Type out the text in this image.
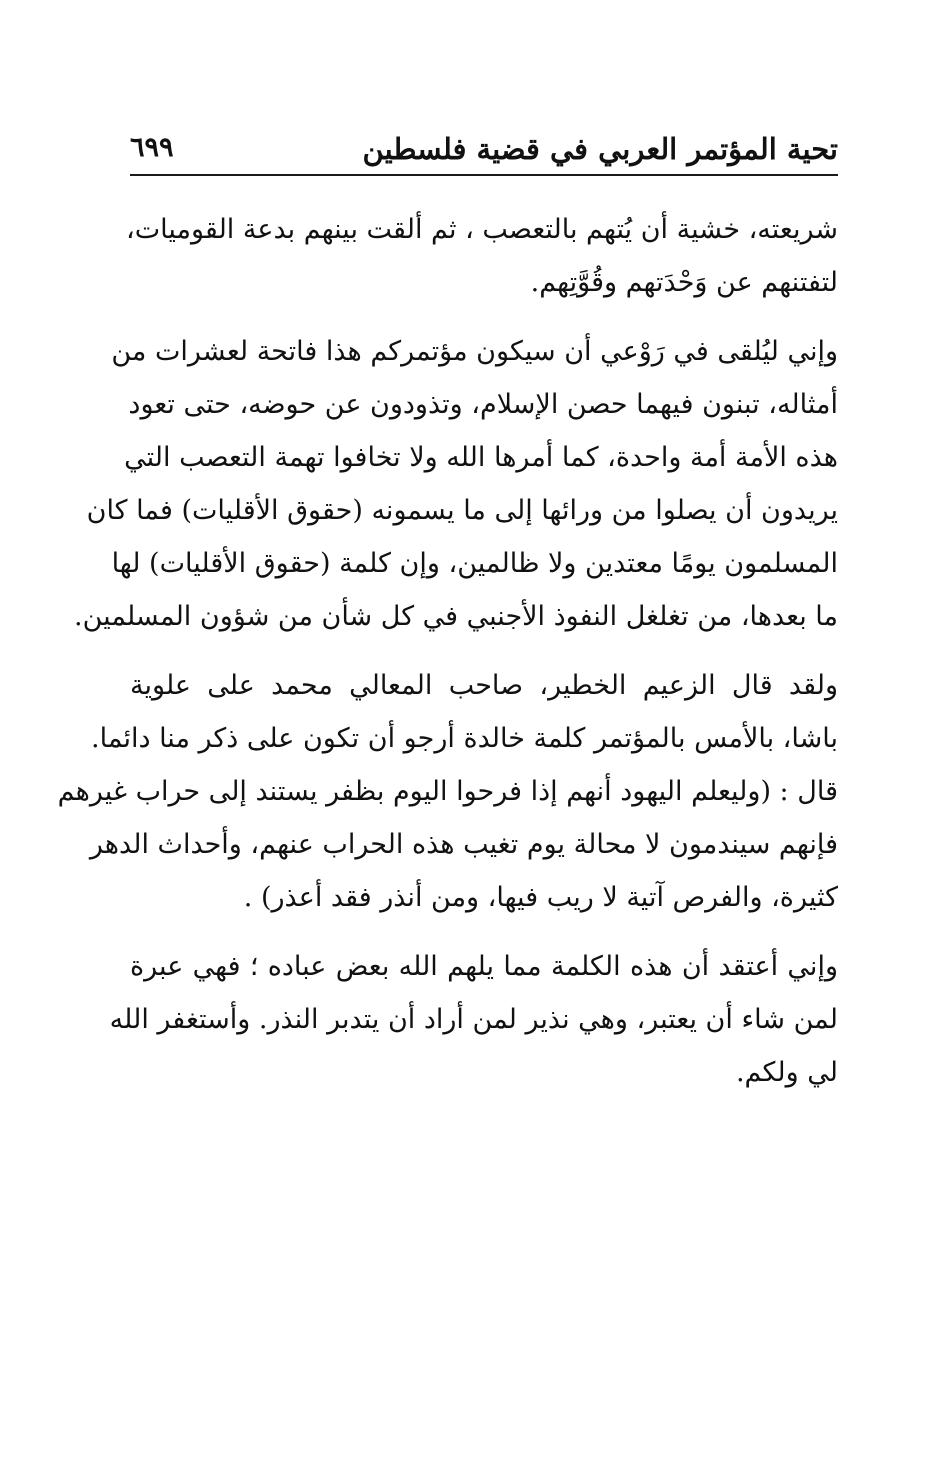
تحية المؤتمر العربي في قضية فلسطين
٦٩٩
شريعته، خشية أن يُتهم بالتعصب ، ثم ألقت بينهم بدعة القوميات،
لتفتنهم عن وَحْدَتهم وقُوَّتِهم.
وإني ليُلقى في رَوْعي أن سيكون مؤتمركم هذا فاتحة لعشرات من
أمثاله، تبنون فيهما حصن الإسلام، وتذودون عن حوضه، حتى تعود
هذه الأمة أمة واحدة، كما أمرها الله ولا تخافوا تهمة التعصب التي
يريدون أن يصلوا من ورائها إلى ما يسمونه (حقوق الأقليات) فما كان
المسلمون يومًا معتدين ولا ظالمين، وإن كلمة (حقوق الأقليات) لها
ما بعدها، من تغلغل النفوذ الأجنبي في كل شأن من شؤون المسلمين.
ولقد قال الزعيم الخطير، صاحب المعالي محمد على علوية
باشا، بالأمس بالمؤتمر كلمة خالدة أرجو أن تكون على ذكر منا دائما.
قال : (وليعلم اليهود أنهم إذا فرحوا اليوم بظفر يستند إلى حراب غيرهم
فإنهم سيندمون لا محالة يوم تغيب هذه الحراب عنهم، وأحداث الدهر
كثيرة، والفرص آتية لا ريب فيها، ومن أنذر فقد أعذر) .
وإني أعتقد أن هذه الكلمة مما يلهم الله بعض عباده ؛ فهي عبرة
لمن شاء أن يعتبر، وهي نذير لمن أراد أن يتدبر النذر. وأستغفر الله
لي ولكم.
